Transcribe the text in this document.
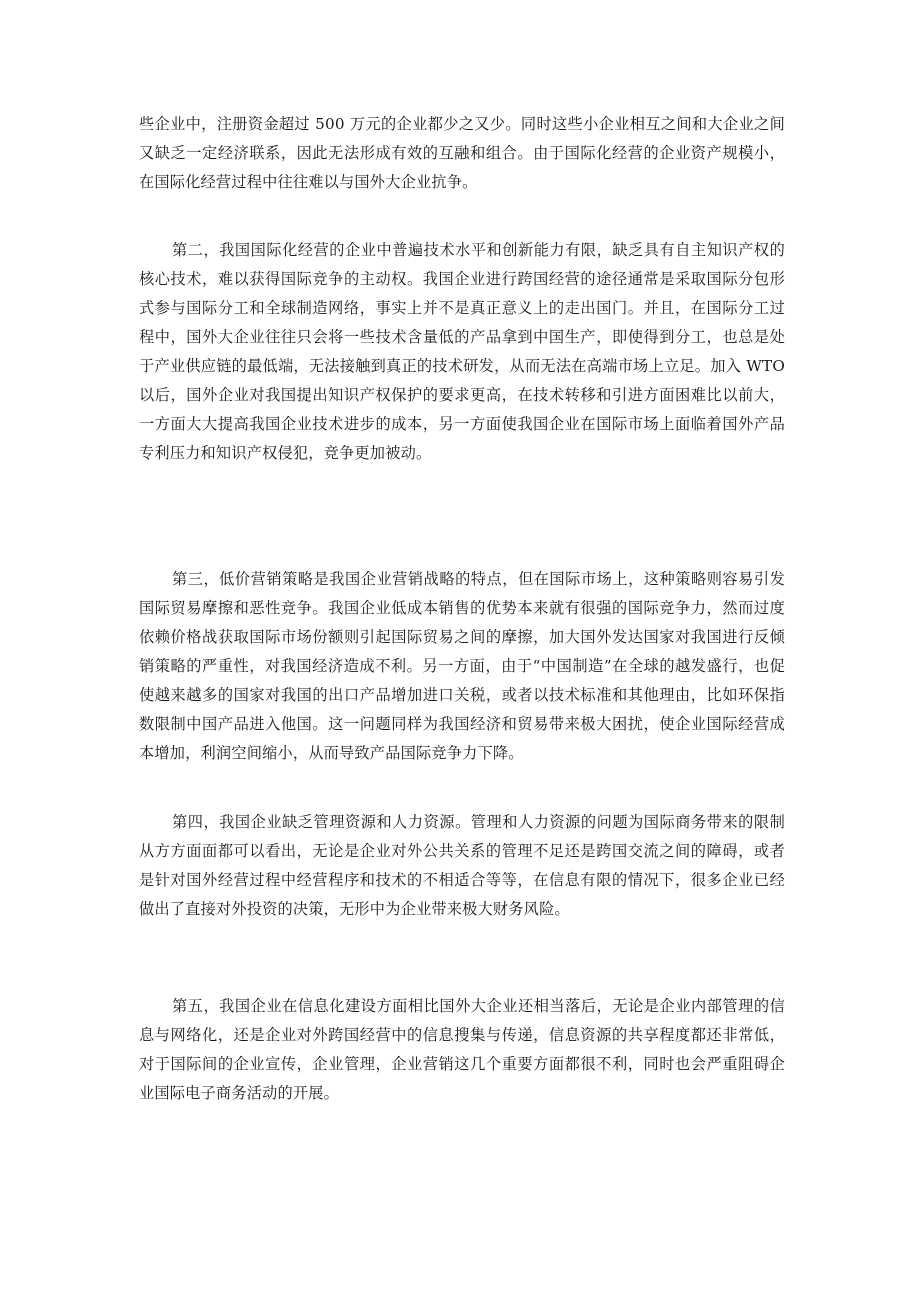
些企业中，注册资金超过 500 万元的企业都少之又少。同时这些小企业相互之间和大企业之间又缺乏一定经济联系，因此无法形成有效的互融和组合。由于国际化经营的企业资产规模小，在国际化经营过程中往往难以与国外大企业抗争。

第二，我国国际化经营的企业中普遍技术水平和创新能力有限，缺乏具有自主知识产权的核心技术，难以获得国际竞争的主动权。我国企业进行跨国经营的途径通常是采取国际分包形式参与国际分工和全球制造网络，事实上并不是真正意义上的走出国门。并且，在国际分工过程中，国外大企业往往只会将一些技术含量低的产品拿到中国生产，即使得到分工，也总是处于产业供应链的最低端，无法接触到真正的技术研发，从而无法在高端市场上立足。加入 WTO 以后，国外企业对我国提出知识产权保护的要求更高，在技术转移和引进方面困难比以前大，一方面大大提高我国企业技术进步的成本，另一方面使我国企业在国际市场上面临着国外产品专利压力和知识产权侵犯，竞争更加被动。

第三，低价营销策略是我国企业营销战略的特点，但在国际市场上，这种策略则容易引发国际贸易摩擦和恶性竞争。我国企业低成本销售的优势本来就有很强的国际竞争力，然而过度依赖价格战获取国际市场份额则引起国际贸易之间的摩擦，加大国外发达国家对我国进行反倾销策略的严重性，对我国经济造成不利。另一方面，由于“中国制造”在全球的越发盛行，也促使越来越多的国家对我国的出口产品增加进口关税，或者以技术标准和其他理由，比如环保指数限制中国产品进入他国。这一问题同样为我国经济和贸易带来极大困扰，使企业国际经营成本增加，利润空间缩小，从而导致产品国际竞争力下降。

第四，我国企业缺乏管理资源和人力资源。管理和人力资源的问题为国际商务带来的限制从方方面面都可以看出，无论是企业对外公共关系的管理不足还是跨国交流之间的障碍，或者是针对国外经营过程中经营程序和技术的不相适合等等，在信息有限的情况下，很多企业已经做出了直接对外投资的决策，无形中为企业带来极大财务风险。

第五，我国企业在信息化建设方面相比国外大企业还相当落后，无论是企业内部管理的信息与网络化，还是企业对外跨国经营中的信息搜集与传递，信息资源的共享程度都还非常低，对于国际间的企业宣传，企业管理，企业营销这几个重要方面都很不利，同时也会严重阻碍企业国际电子商务活动的开展。
